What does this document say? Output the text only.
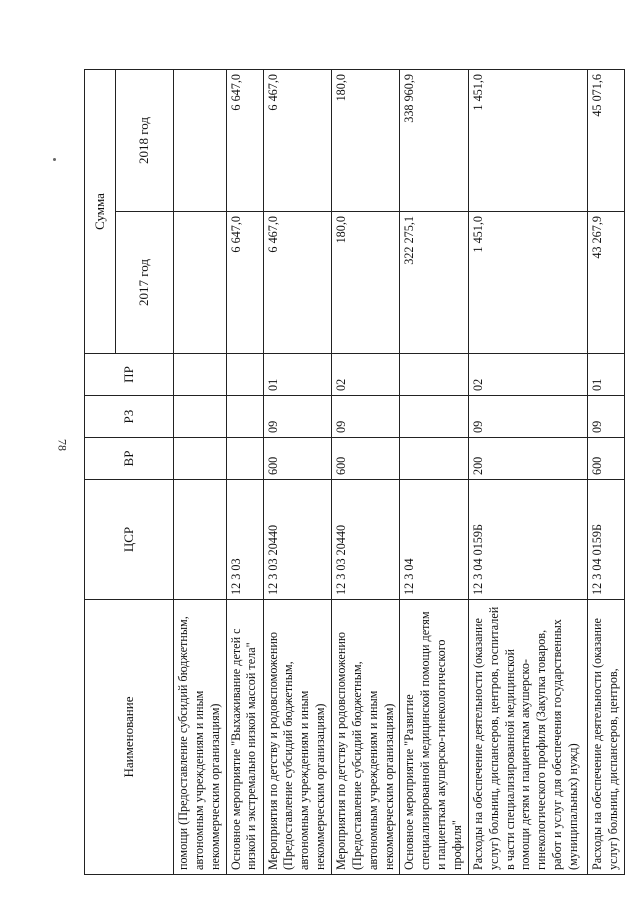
78
Наименование	ЦСР	ВР	РЗ	ПР	Сумма	
					2017 год	2018 год
помощи (Предоставление субсидий бюджетным, автономным учреждениям и иным некоммерческим организациям)						
Основное мероприятие "Выхаживание детей с низкой и экстремально низкой массой тела"	12 3 03				6 647,0	6 647,0
Мероприятия по детству и родовспоможению (Предоставление субсидий бюджетным, автономным учреждениям и иным некоммерческим организациям)	12 3 03 20440	600	09	01	6 467,0	6 467,0
Мероприятия по детству и родовспоможению (Предоставление субсидий бюджетным, автономным учреждениям и иным некоммерческим организациям)	12 3 03 20440	600	09	02	180,0	180,0
Основное мероприятие "Развитие специализированной медицинской помощи детям и пациенткам акушерско-гинекологического профиля"	12 3 04				322 275,1	338 960,9
Расходы на обеспечение деятельности (оказание услуг) больниц, диспансеров, центров, госпиталей в части специализированной медицинской помощи детям и пациенткам акушерско-гинекологического профиля (Закупка товаров, работ и услуг для обеспечения государственных (муниципальных) нужд)	12 3 04 0159Б	200	09	02	1 451,0	1 451,0
Расходы на обеспечение деятельности (оказание услуг) больниц, диспансеров, центров,	12 3 04 0159Б	600	09	01	43 267,9	45 071,6
